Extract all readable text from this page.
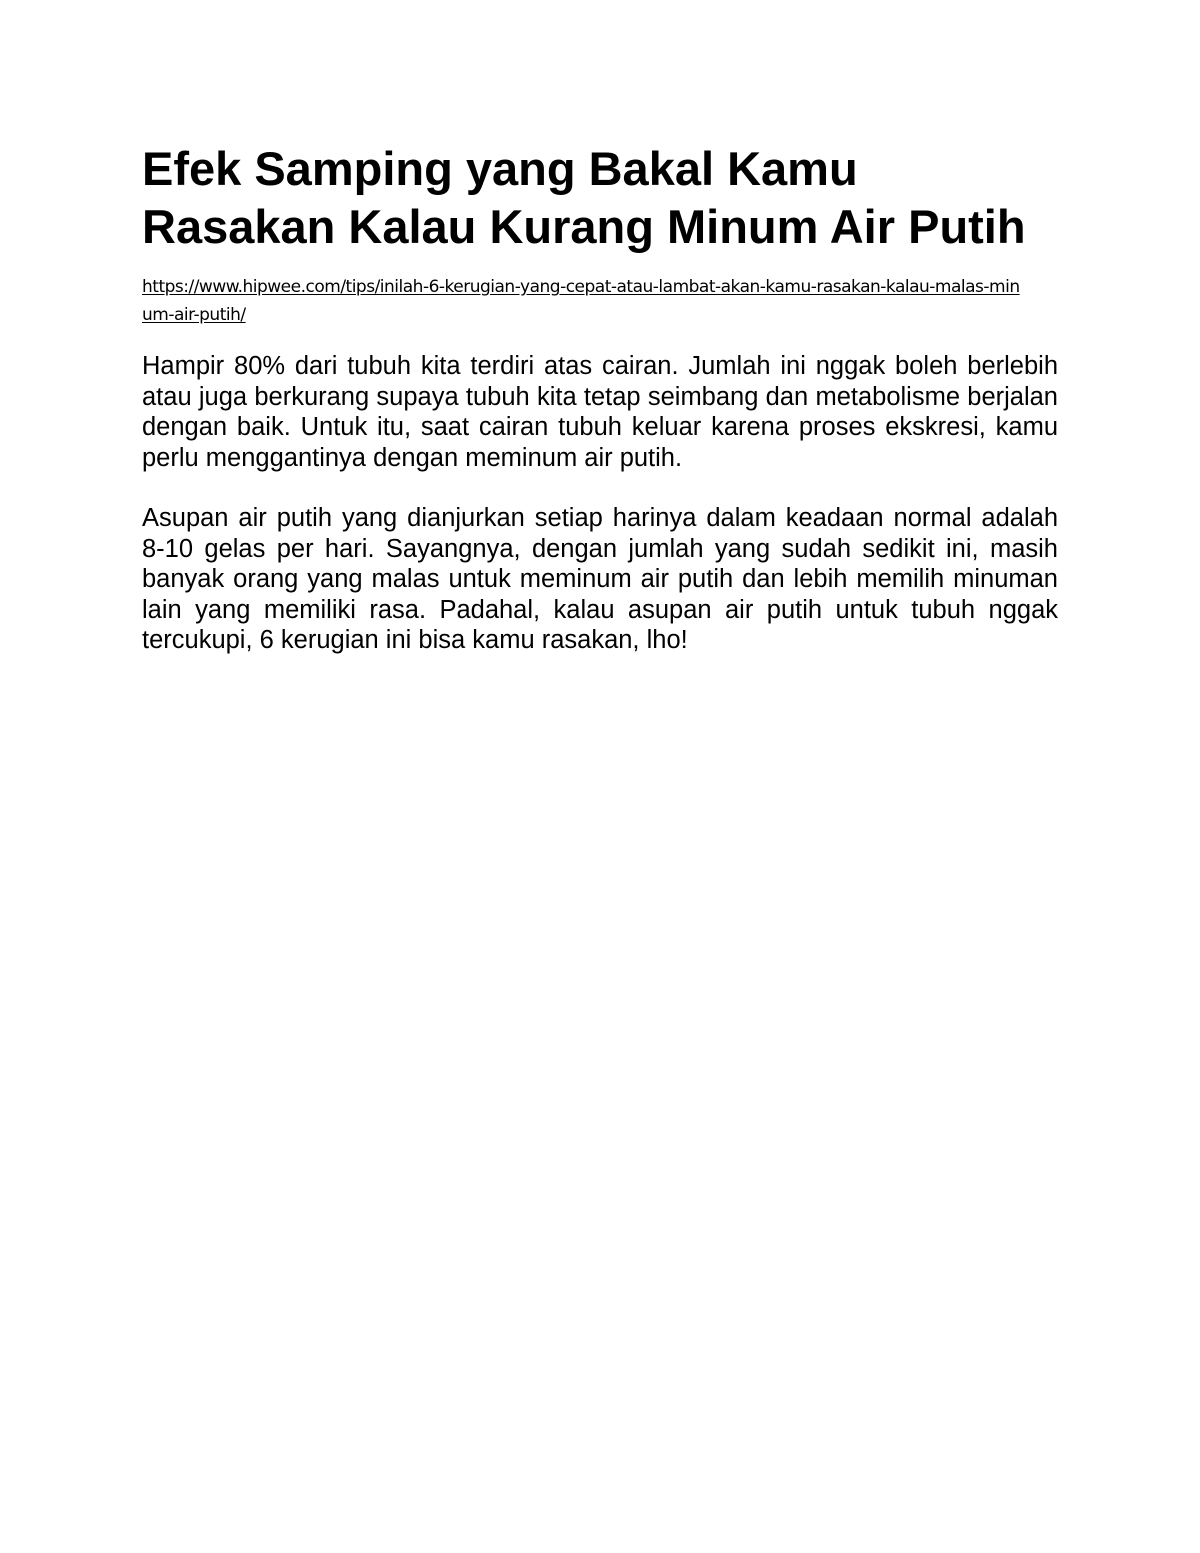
Efek Samping yang Bakal Kamu Rasakan Kalau Kurang Minum Air Putih
https://www.hipwee.com/tips/inilah-6-kerugian-yang-cepat-atau-lambat-akan-kamu-rasakan-kalau-malas-minum-air-putih/

Hampir 80% dari tubuh kita terdiri atas cairan. Jumlah ini nggak boleh berlebih atau juga berkurang supaya tubuh kita tetap seimbang dan metabolisme berjalan dengan baik. Untuk itu, saat cairan tubuh keluar karena proses ekskresi, kamu perlu menggantinya dengan meminum air putih.

Asupan air putih yang dianjurkan setiap harinya dalam keadaan normal adalah 8-10 gelas per hari. Sayangnya, dengan jumlah yang sudah sedikit ini, masih banyak orang yang malas untuk meminum air putih dan lebih memilih minuman lain yang memiliki rasa. Padahal, kalau asupan air putih untuk tubuh nggak tercukupi, 6 kerugian ini bisa kamu rasakan, lho!
